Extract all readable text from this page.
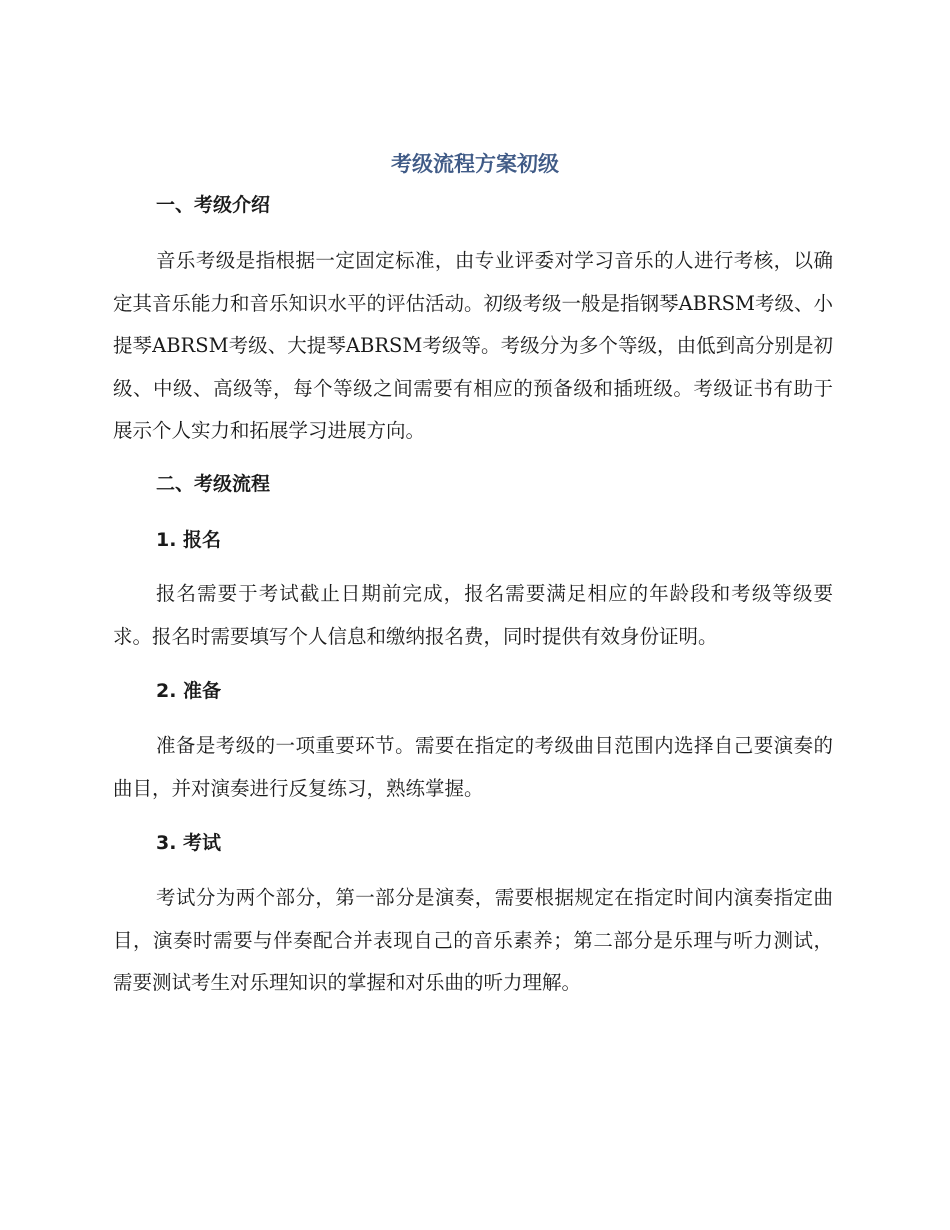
考级流程方案初级
一、考级介绍

音乐考级是指根据一定固定标准，由专业评委对学习音乐的人进行考核，以确定其音乐能力和音乐知识水平的评估活动。初级考级一般是指钢琴ABRSM考级、小提琴ABRSM考级、大提琴ABRSM考级等。考级分为多个等级，由低到高分别是初级、中级、高级等，每个等级之间需要有相应的预备级和插班级。考级证书有助于展示个人实力和拓展学习进展方向。

二、考级流程
1. 报名

报名需要于考试截止日期前完成，报名需要满足相应的年龄段和考级等级要求。报名时需要填写个人信息和缴纳报名费，同时提供有效身份证明。

2. 准备

准备是考级的一项重要环节。需要在指定的考级曲目范围内选择自己要演奏的曲目，并对演奏进行反复练习，熟练掌握。

3. 考试

考试分为两个部分，第一部分是演奏，需要根据规定在指定时间内演奏指定曲目，演奏时需要与伴奏配合并表现自己的音乐素养；第二部分是乐理与听力测试，需要测试考生对乐理知识的掌握和对乐曲的听力理解。
